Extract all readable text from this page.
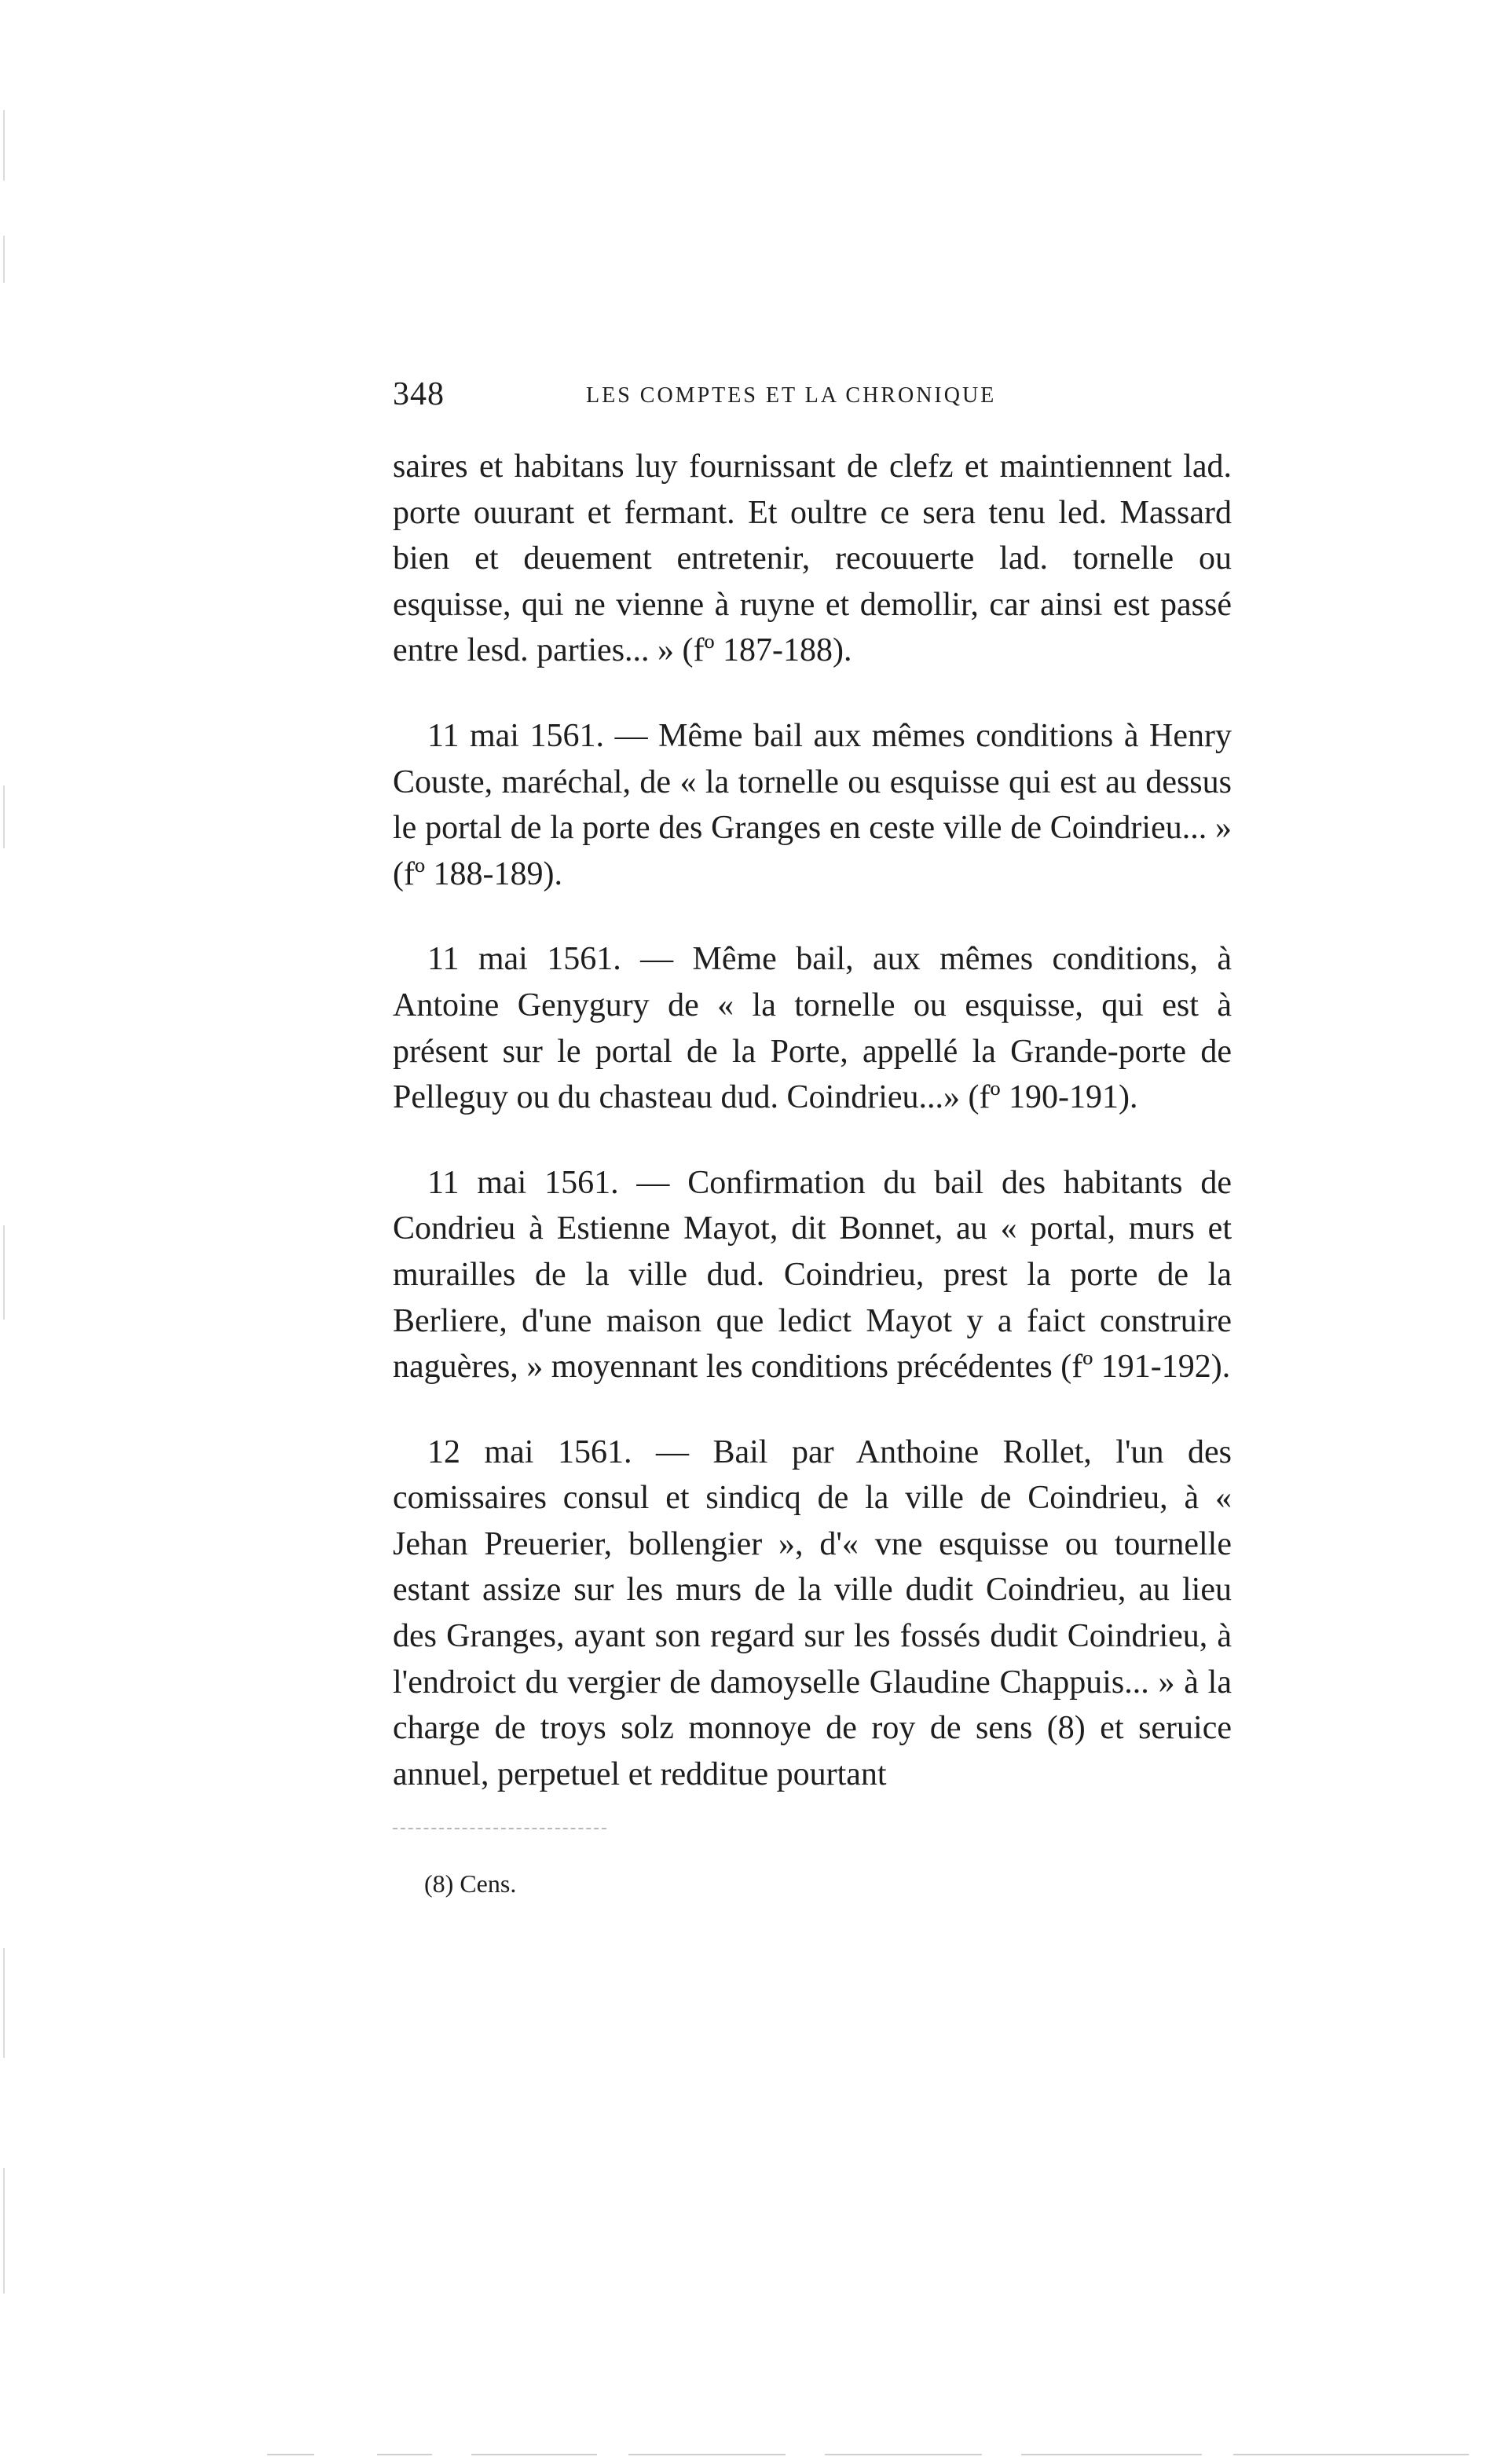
348	LES COMPTES ET LA CHRONIQUE

saires et habitans luy fournissant de clefz et maintiennent lad. porte ouurant et fermant. Et oultre ce sera tenu led. Massard bien et deuement entretenir, recouuerte lad. tornelle ou esquisse, qui ne vienne à ruyne et demollir, car ainsi est passé entre lesd. parties... » (fº 187-188).

11 mai 1561. — Même bail aux mêmes conditions à Henry Couste, maréchal, de « la tornelle ou esquisse qui est au dessus le portal de la porte des Granges en ceste ville de Coindrieu... » (fº 188-189).

11 mai 1561. — Même bail, aux mêmes conditions, à Antoine Genygury de « la tornelle ou esquisse, qui est à présent sur le portal de la Porte, appellé la Grande-porte de Pelleguy ou du chasteau dud. Coindrieu...» (fº 190-191).

11 mai 1561. — Confirmation du bail des habitants de Condrieu à Estienne Mayot, dit Bonnet, au « portal, murs et murailles de la ville dud. Coindrieu, prest la porte de la Berliere, d'une maison que ledict Mayot y a faict construire naguères, » moyennant les conditions précédentes (fº 191-192).

12 mai 1561. — Bail par Anthoine Rollet, l'un des comissaires consul et sindicq de la ville de Coindrieu, à « Jehan Preuerier, bollengier », d'« vne esquisse ou tournelle estant assize sur les murs de la ville dudit Coindrieu, au lieu des Granges, ayant son regard sur les fossés dudit Coindrieu, à l'endroict du vergier de damoyselle Glaudine Chappuis... » à la charge de troys solz monnoye de roy de sens (8) et seruice annuel, perpetuel et redditue pourtant

(8) Cens.
